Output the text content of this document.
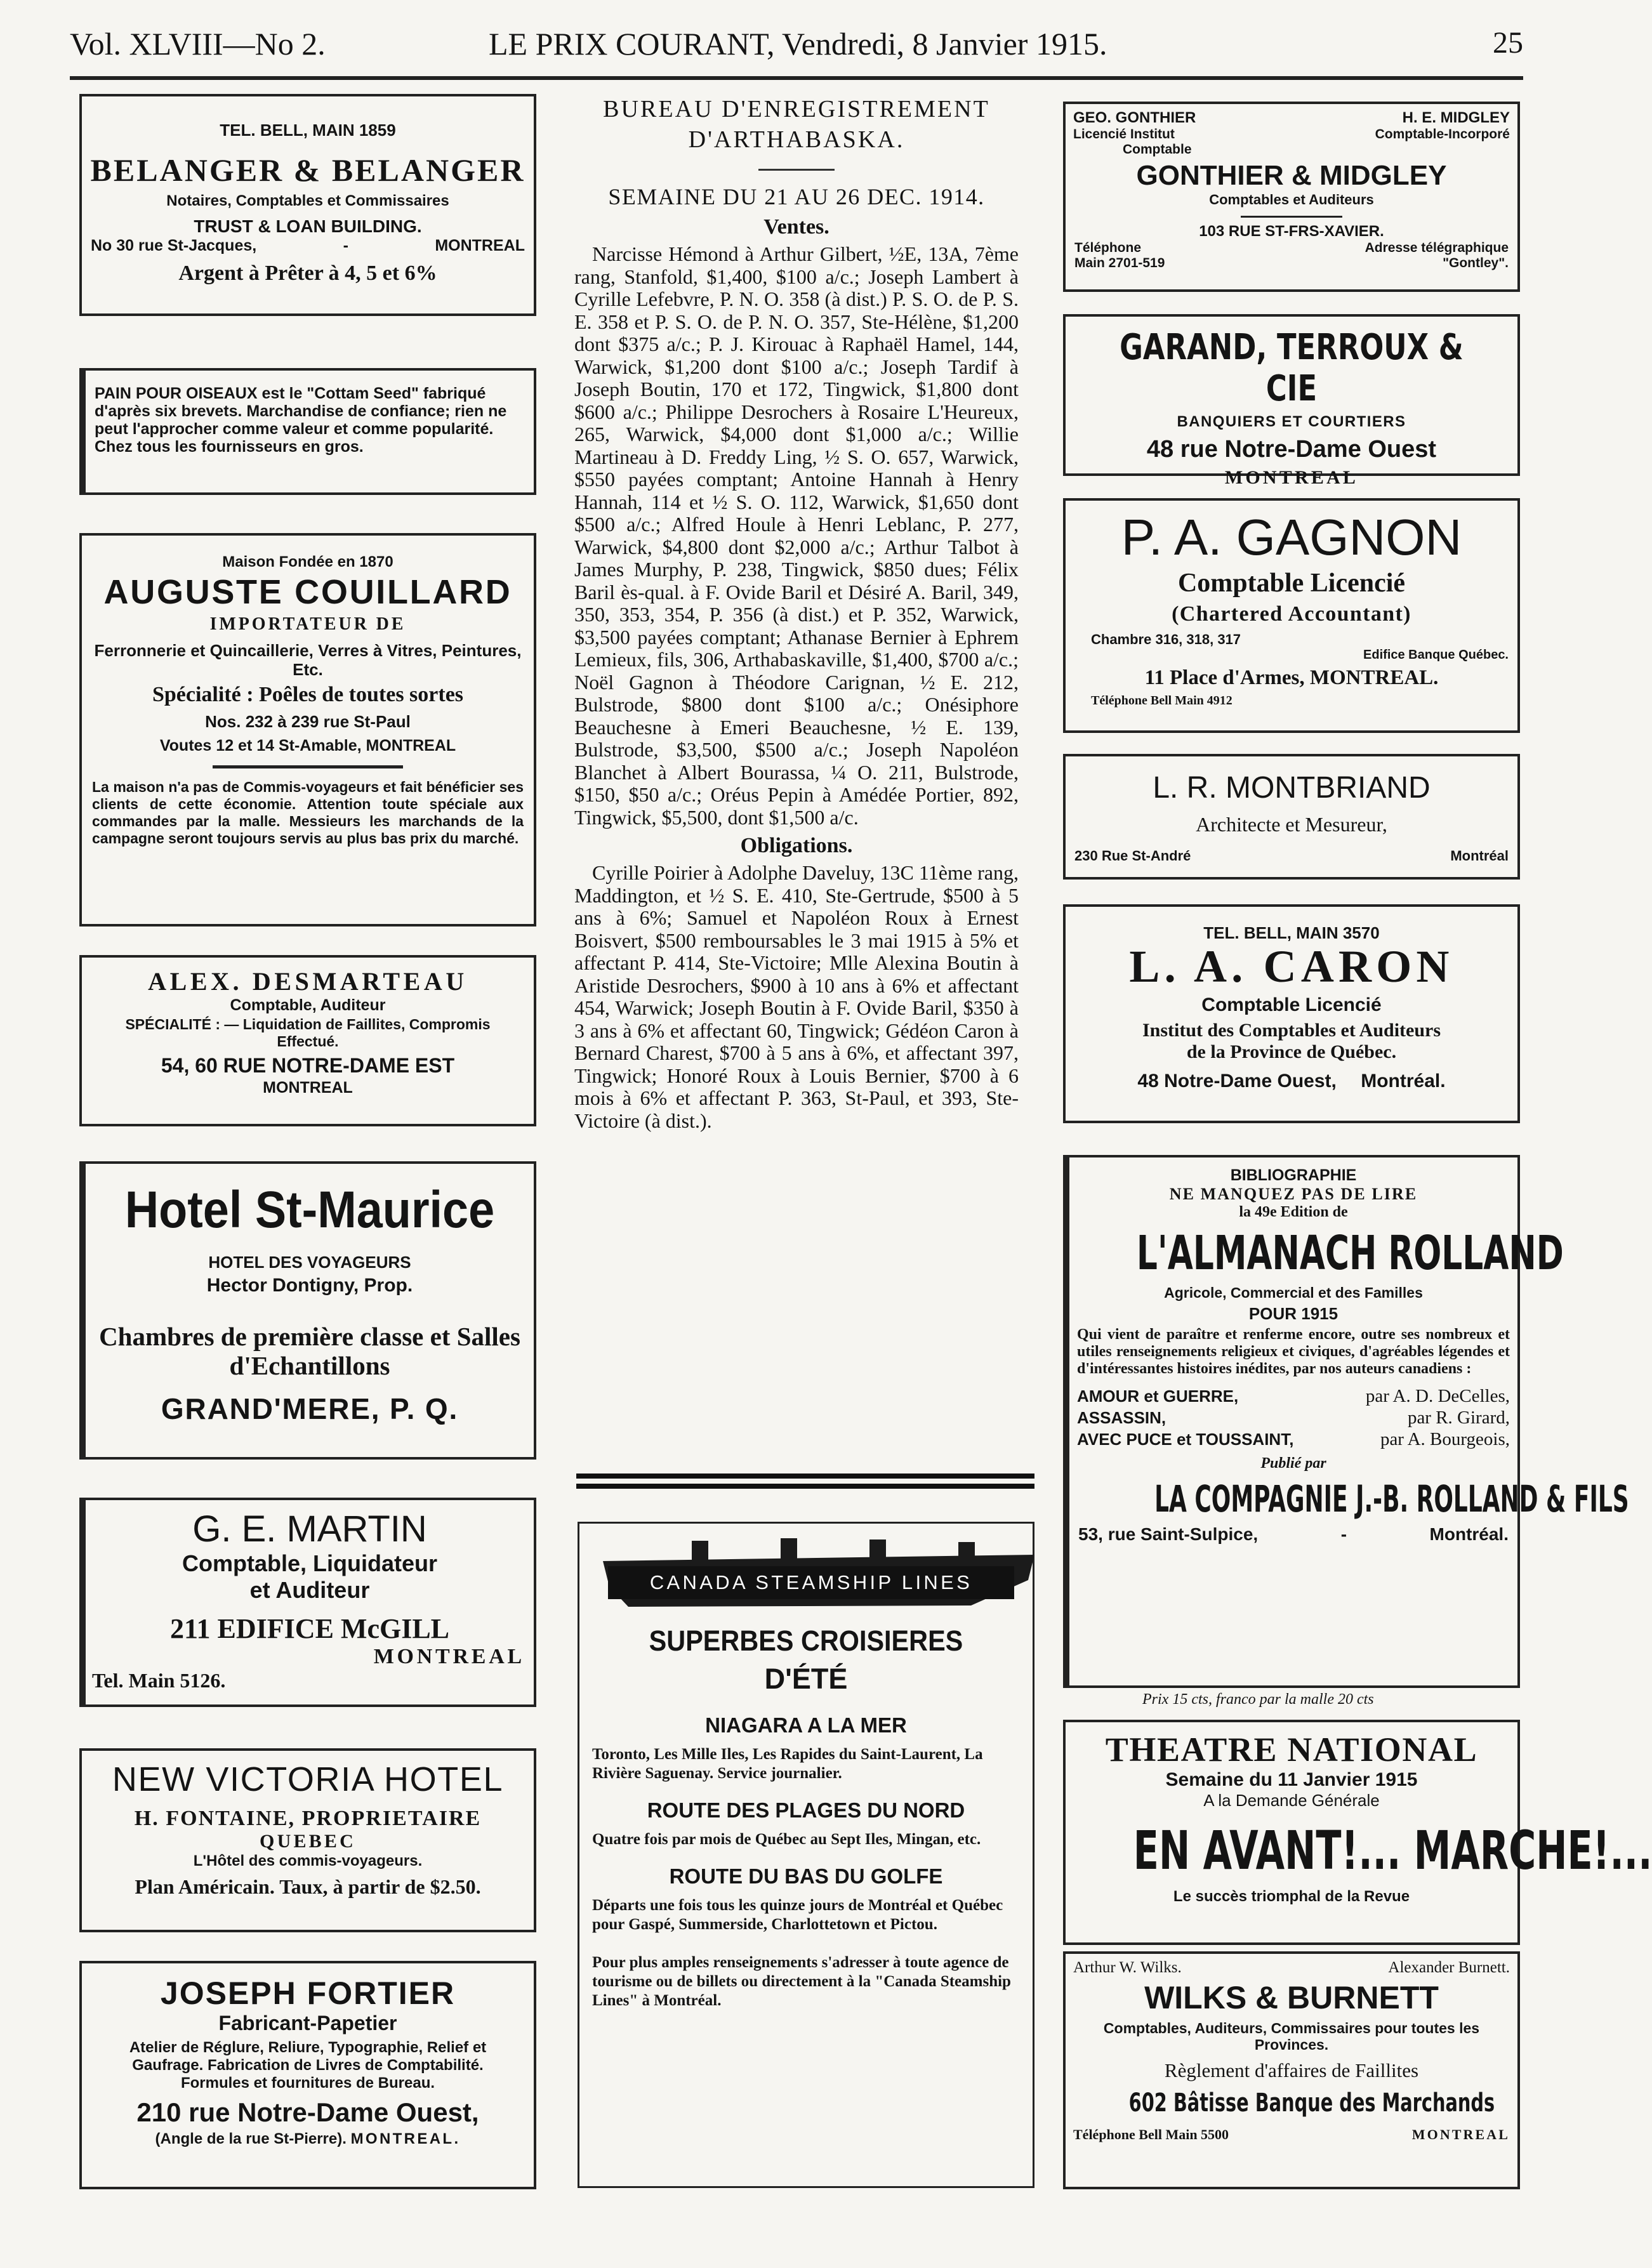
Vol. XLVIII—No 2.	LE PRIX COURANT, Vendredi, 8 Janvier 1915.	25
TEL. BELL, MAIN 1859
BELANGER & BELANGER
Notaires, Comptables et Commissaires
TRUST & LOAN BUILDING.
No 30 rue St-Jacques,	-	MONTREAL
Argent à Prêter à 4, 5 et 6%
PAIN POUR OISEAUX est le "Cottam Seed" fabriqué d'après six brevets. Marchandise de confiance; rien ne peut l'approcher comme valeur et comme popularité. Chez tous les fournisseurs en gros.
Maison Fondée en 1870
AUGUSTE COUILLARD
IMPORTATEUR DE
Ferronnerie et Quincaillerie, Verres à Vitres, Peintures, Etc.
Spécialité : Poêles de toutes sortes
Nos. 232 à 239 rue St-Paul
Voutes 12 et 14 St-Amable, MONTREAL
La maison n'a pas de Commis-voyageurs et fait bénéficier ses clients de cette économie. Attention toute spéciale aux commandes par la malle. Messieurs les marchands de la campagne seront toujours servis au plus bas prix du marché.
ALEX. DESMARTEAU
Comptable, Auditeur
SPÉCIALITÉ : — Liquidation de Faillites, Compromis Effectué.
54, 60 RUE NOTRE-DAME EST
MONTREAL
Hotel St-Maurice
HOTEL DES VOYAGEURS
Hector Dontigny, Prop.
Chambres de première classe et Salles d'Echantillons
GRAND'MERE, P. Q.
G. E. MARTIN
Comptable, Liquidateur
et Auditeur
211 EDIFICE McGILL
MONTREAL
Tel. Main 5126.
NEW VICTORIA HOTEL
H. FONTAINE, PROPRIETAIRE
QUEBEC
L'Hôtel des commis-voyageurs.
Plan Américain. Taux, à partir de $2.50.
JOSEPH FORTIER
Fabricant-Papetier
Atelier de Réglure, Reliure, Typographie, Relief et Gaufrage. Fabrication de Livres de Comptabilité. Formules et fournitures de Bureau.
210 rue Notre-Dame Ouest,
(Angle de la rue St-Pierre). MONTREAL.
BUREAU D'ENREGISTREMENT
D'ARTHABASKA.
SEMAINE DU 21 AU 26 DEC. 1914.
Ventes.

Narcisse Hémond à Arthur Gilbert, ½E, 13A, 7ème rang, Stanfold, $1,400, $100 a/c.; Joseph Lambert à Cyrille Lefebvre, P. N. O. 358 (à dist.) P. S. O. de P. S. E. 358 et P. S. O. de P. N. O. 357, Ste-Hélène, $1,200 dont $375 a/c.; P. J. Kirouac à Raphaël Hamel, 144, Warwick, $1,200 dont $100 a/c.; Joseph Tardif à Joseph Boutin, 170 et 172, Tingwick, $1,800 dont $600 a/c.; Philippe Desrochers à Rosaire L'Heureux, 265, Warwick, $4,000 dont $1,000 a/c.; Willie Martineau à D. Freddy Ling, ½ S. O. 657, Warwick, $550 payées comptant; Antoine Hannah à Henry Hannah, 114 et ½ S. O. 112, Warwick, $1,650 dont $500 a/c.; Alfred Houle à Henri Leblanc, P. 277, Warwick, $4,800 dont $2,000 a/c.; Arthur Talbot à James Murphy, P. 238, Tingwick, $850 dues; Félix Baril ès-qual. à F. Ovide Baril et Désiré A. Baril, 349, 350, 353, 354, P. 356 (à dist.) et P. 352, Warwick, $3,500 payées comptant; Athanase Bernier à Ephrem Lemieux, fils, 306, Arthabaskaville, $1,400, $700 a/c.; Noël Gagnon à Théodore Carignan, ½ E. 212, Bulstrode, $800 dont $100 a/c.; Onésiphore Beauchesne à Emeri Beauchesne, ½ E. 139, Bulstrode, $3,500, $500 a/c.; Joseph Napoléon Blanchet à Albert Bourassa, ¼ O. 211, Bulstrode, $150, $50 a/c.; Oréus Pepin à Amédée Portier, 892, Tingwick, $5,500, dont $1,500 a/c.

Obligations.

Cyrille Poirier à Adolphe Daveluy, 13C 11ème rang, Maddington, et ½ S. E. 410, Ste-Gertrude, $500 à 5 ans à 6%; Samuel et Napoléon Roux à Ernest Boisvert, $500 remboursables le 3 mai 1915 à 5% et affectant P. 414, Ste-Victoire; Mlle Alexina Boutin à Aristide Desrochers, $900 à 10 ans à 6% et affectant 454, Warwick; Joseph Boutin à F. Ovide Baril, $350 à 3 ans à 6% et affectant 60, Tingwick; Gédéon Caron à Bernard Charest, $700 à 5 ans à 6%, et affectant 397, Tingwick; Honoré Roux à Louis Bernier, $700 à 6 mois à 6% et affectant P. 363, St-Paul, et 393, Ste-Victoire (à dist.).

CANADA STEAMSHIP LINES
SUPERBES CROISIERES
D'ÉTÉ
NIAGARA A LA MER
Toronto, Les Mille Iles, Les Rapides du Saint-Laurent, La Rivière Saguenay. Service journalier.
ROUTE DES PLAGES DU NORD
Quatre fois par mois de Québec au Sept Iles, Mingan, etc.
ROUTE DU BAS DU GOLFE
Départs une fois tous les quinze jours de Montréal et Québec pour Gaspé, Summerside, Charlottetown et Pictou.
Pour plus amples renseignements s'adresser à toute agence de tourisme ou de billets ou directement à la "Canada Steamship Lines" à Montréal.
GEO. GONTHIER	H. E. MIDGLEY
Licencié Institut	Comptable-Incorporé
Comptable
GONTHIER & MIDGLEY
Comptables et Auditeurs
103 RUE ST-FRS-XAVIER.
Téléphone	Adresse télégraphique
Main 2701-519	"Gontley".
GARAND, TERROUX & CIE
BANQUIERS ET COURTIERS
48 rue Notre-Dame Ouest
MONTREAL
P. A. GAGNON
Comptable Licencié
(Chartered Accountant)
Chambre 316, 318, 317
Edifice Banque Québec.
11 Place d'Armes, MONTREAL.
Téléphone Bell Main 4912
L. R. MONTBRIAND
Architecte et Mesureur,
230 Rue St-André	Montréal
TEL. BELL, MAIN 3570
L. A. CARON
Comptable Licencié
Institut des Comptables et Auditeurs
de la Province de Québec.
48 Notre-Dame Ouest, Montréal.
BIBLIOGRAPHIE
NE MANQUEZ PAS DE LIRE
la 49e Edition de
L'ALMANACH ROLLAND
Agricole, Commercial et des Familles
POUR 1915
Qui vient de paraître et renferme encore, outre ses nombreux et utiles renseignements religieux et civiques, d'agréables légendes et d'intéressantes histoires inédites, par nos auteurs canadiens :
AMOUR et GUERRE,	par A. D. DeCelles,
ASSASSIN,	par R. Girard,
AVEC PUCE et TOUSSAINT,	par A. Bourgeois,
Publié par
LA COMPAGNIE J.-B. ROLLAND & FILS
53, rue Saint-Sulpice,	-	Montréal.
Prix 15 cts, franco par la malle 20 cts
THEATRE NATIONAL
Semaine du 11 Janvier 1915
A la Demande Générale
EN AVANT!... MARCHE!...
Le succès triomphal de la Revue
Arthur W. Wilks.	Alexander Burnett.
WILKS & BURNETT
Comptables, Auditeurs, Commissaires pour toutes les Provinces.
Règlement d'affaires de Faillites
602 Bâtisse Banque des Marchands
Téléphone Bell Main 5500	MONTREAL
